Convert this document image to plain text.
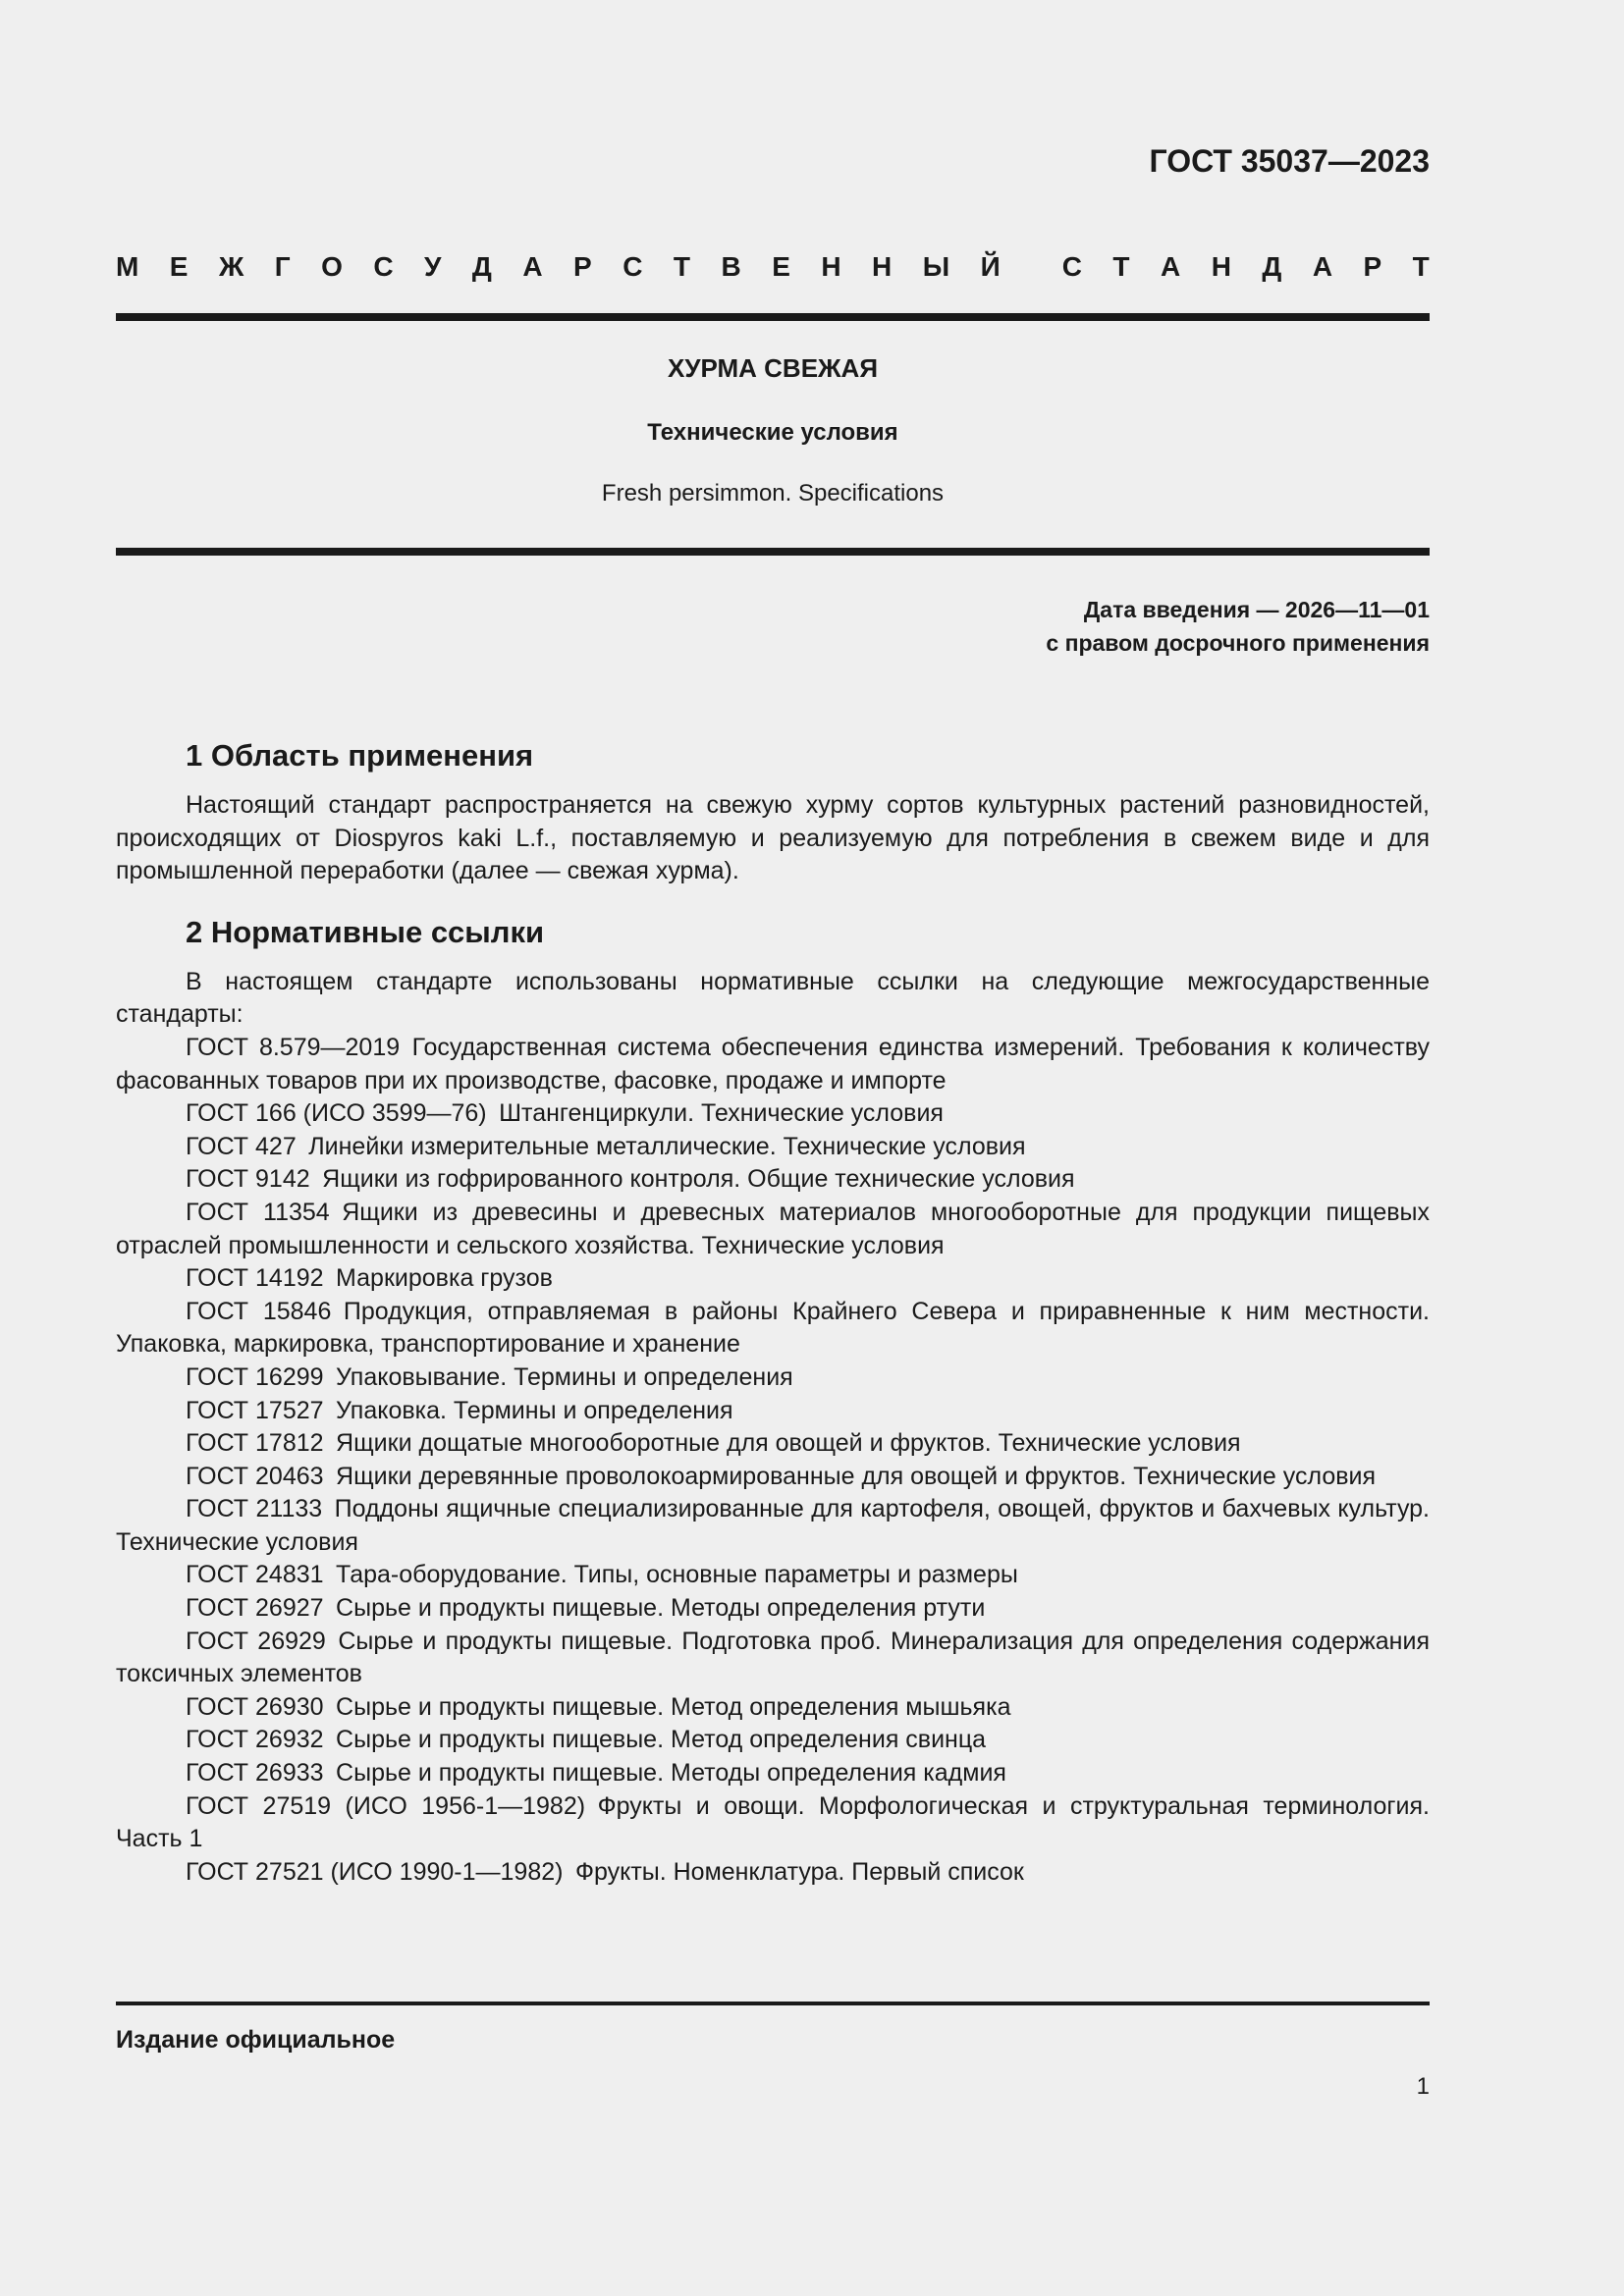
ГОСТ 35037—2023
М Е Ж Г О С У Д А Р С Т В Е Н Н Ы Й С Т А Н Д А Р Т
ХУРМА СВЕЖАЯ
Технические условия
Fresh persimmon. Specifications
Дата введения — 2026—11—01
с правом досрочного применения
1 Область применения

Настоящий стандарт распространяется на свежую хурму сортов культурных растений разновидностей, происходящих от Diospyros kaki L.f., поставляемую и реализуемую для потребления в свежем виде и для промышленной переработки (далее — свежая хурма).

2 Нормативные ссылки

В настоящем стандарте использованы нормативные ссылки на следующие межгосударственные стандарты:

ГОСТ 8.579—2019  Государственная система обеспечения единства измерений. Требования к количеству фасованных товаров при их производстве, фасовке, продаже и импорте

ГОСТ 166 (ИСО 3599—76)  Штангенциркули. Технические условия

ГОСТ 427  Линейки измерительные металлические. Технические условия

ГОСТ 9142  Ящики из гофрированного контроля. Общие технические условия

ГОСТ 11354  Ящики из древесины и древесных материалов многооборотные для продукции пищевых отраслей промышленности и сельского хозяйства. Технические условия

ГОСТ 14192  Маркировка грузов

ГОСТ 15846  Продукция, отправляемая в районы Крайнего Севера и приравненные к ним местности. Упаковка, маркировка, транспортирование и хранение

ГОСТ 16299  Упаковывание. Термины и определения

ГОСТ 17527  Упаковка. Термины и определения

ГОСТ 17812  Ящики дощатые многооборотные для овощей и фруктов. Технические условия

ГОСТ 20463  Ящики деревянные проволокоармированные для овощей и фруктов. Технические условия

ГОСТ 21133  Поддоны ящичные специализированные для картофеля, овощей, фруктов и бахчевых культур. Технические условия

ГОСТ 24831  Тара-оборудование. Типы, основные параметры и размеры

ГОСТ 26927  Сырье и продукты пищевые. Методы определения ртути

ГОСТ 26929  Сырье и продукты пищевые. Подготовка проб. Минерализация для определения содержания токсичных элементов

ГОСТ 26930  Сырье и продукты пищевые. Метод определения мышьяка

ГОСТ 26932  Сырье и продукты пищевые. Метод определения свинца

ГОСТ 26933  Сырье и продукты пищевые. Методы определения кадмия

ГОСТ 27519 (ИСО 1956-1—1982)  Фрукты и овощи. Морфологическая и структуральная терминология. Часть 1

ГОСТ 27521 (ИСО 1990-1—1982)  Фрукты. Номенклатура. Первый список

Издание официальное
1
